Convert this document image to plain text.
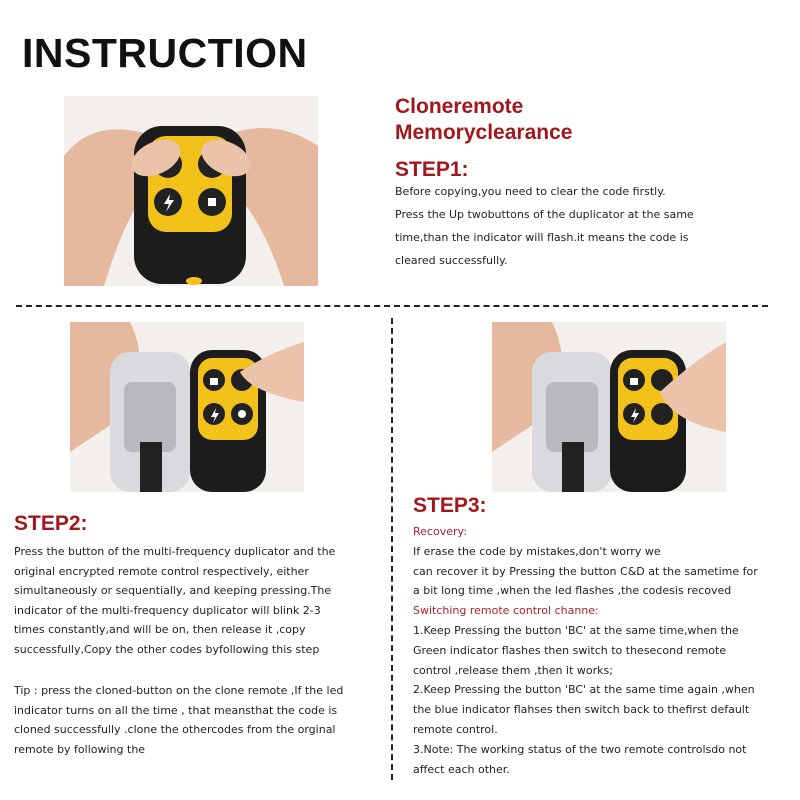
INSTRUCTION
Cloneremote
Memoryclearance
STEP1:
Before copying,you need to clear the code firstly.
Press the Up twobuttons of the duplicator at the same
time,than the indicator will flash.it means the code is
cleared successfully.
STEP2:
Press the button of the multi-frequency duplicator and the
original encrypted remote control respectively, either
simultaneously or sequentially, and keeping pressing.The
indicator of the multi-frequency duplicator will blink 2-3
times constantly,and will be on, then release it ,copy
successfully,Copy the other codes byfollowing this step
Tip : press the cloned-button on the clone remote ,If the led
indicator turns on all the time , that meansthat the code is
cloned successfully .clone the othercodes from the orginal
remote by following the
STEP3:
Recovery:
If erase the code by mistakes,don't worry we
can recover it by Pressing the button C&D at the sametime for
a bit long time ,when the led flashes ,the codesis recoved
Switching remote control channe:
1.Keep Pressing the button 'BC' at the same time,when the
Green indicator flashes then switch to thesecond remote
control ,release them ,then it works;
2.Keep Pressing the button 'BC' at the same time again ,when
the blue indicator flahses then switch back to thefirst default
remote control.
3.Note: The working status of the two remote controlsdo not
affect each other.
